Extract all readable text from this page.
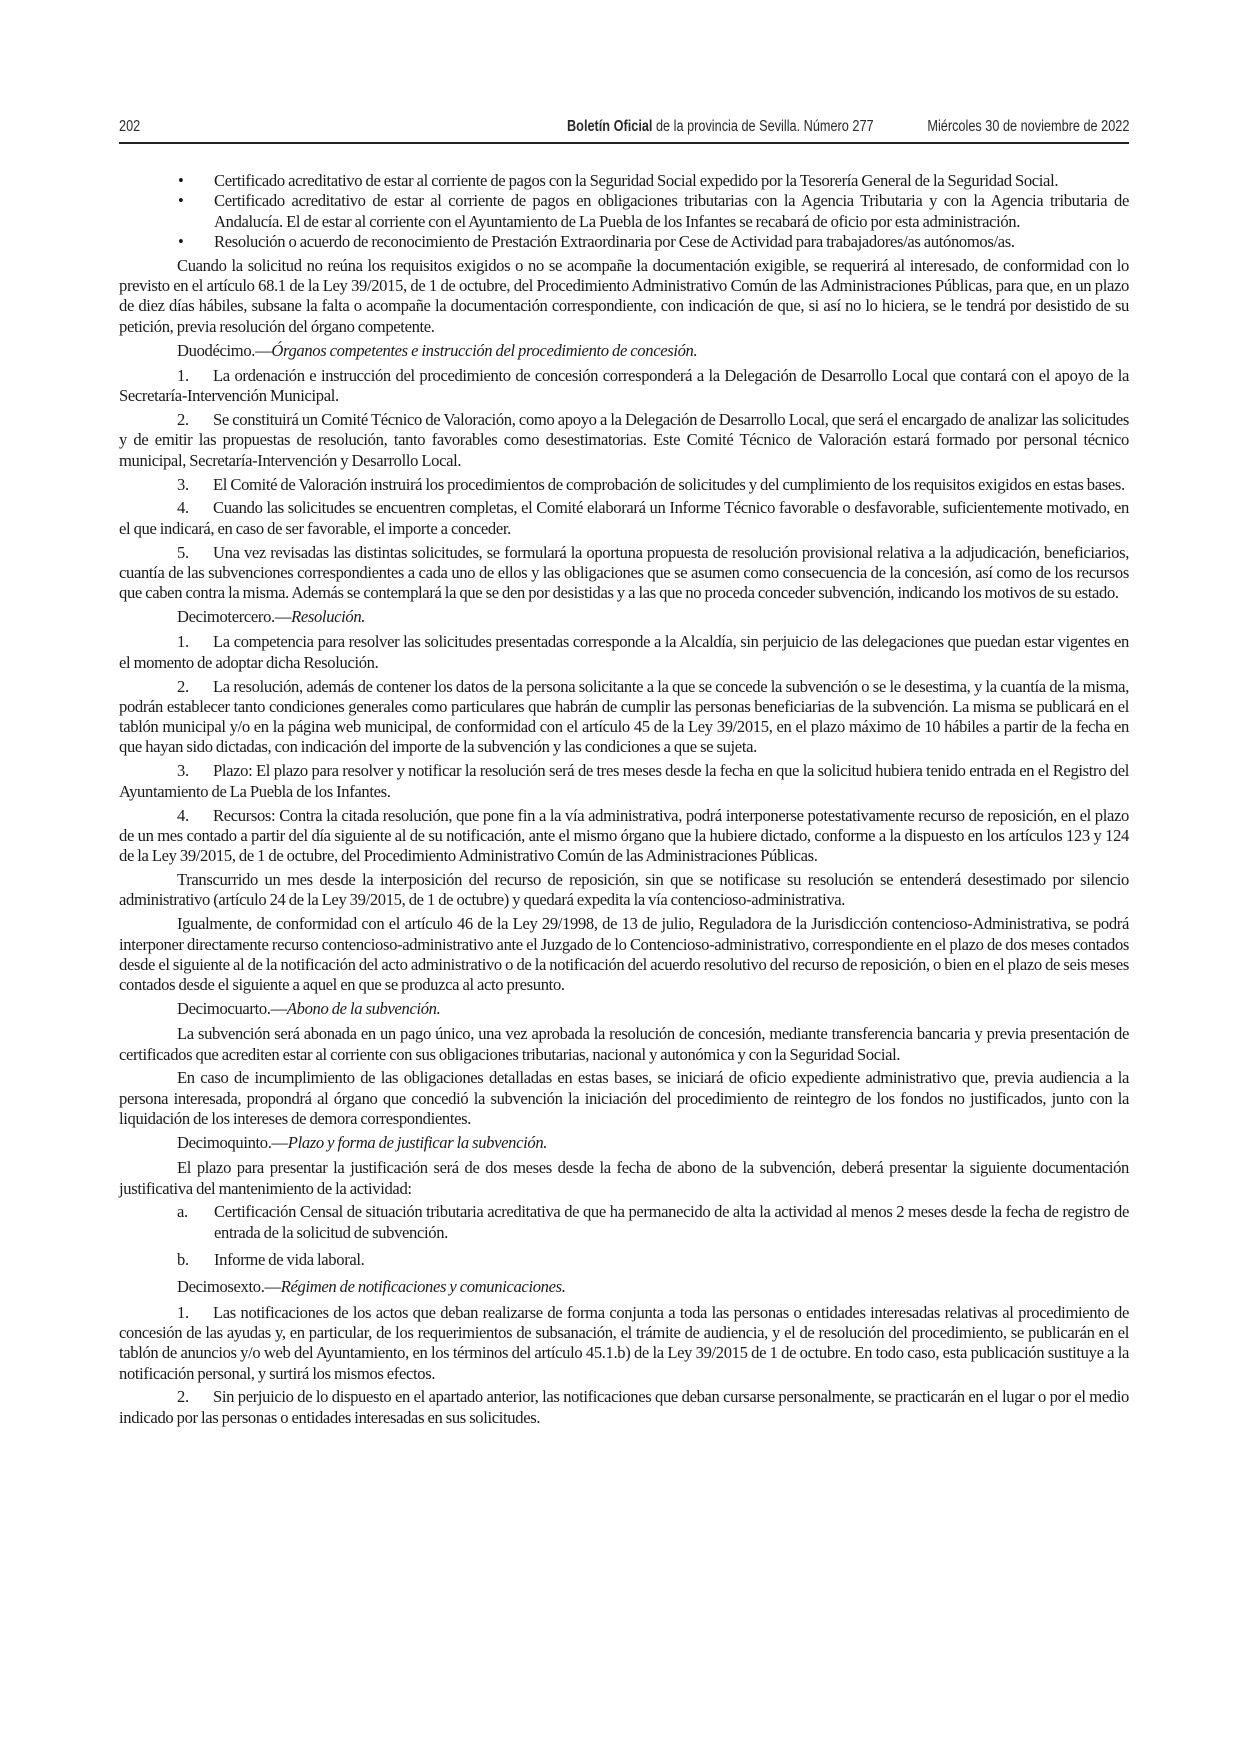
202	Boletín Oficial de la provincia de Sevilla. Número 277	Miércoles 30 de noviembre de 2022
• Certificado acreditativo de estar al corriente de pagos con la Seguridad Social expedido por la Tesorería General de la Seguridad Social.
• Certificado acreditativo de estar al corriente de pagos en obligaciones tributarias con la Agencia Tributaria y con la Agencia tributaria de Andalucía. El de estar al corriente con el Ayuntamiento de La Puebla de los Infantes se recabará de oficio por esta administración.
• Resolución o acuerdo de reconocimiento de Prestación Extraordinaria por Cese de Actividad para trabajadores/as autónomos/as.

Cuando la solicitud no reúna los requisitos exigidos o no se acompañe la documentación exigible, se requerirá al interesado, de conformidad con lo previsto en el artículo 68.1 de la Ley 39/2015, de 1 de octubre, del Procedimiento Administrativo Común de las Administraciones Públicas, para que, en un plazo de diez días hábiles, subsane la falta o acompañe la documentación correspondiente, con indicación de que, si así no lo hiciera, se le tendrá por desistido de su petición, previa resolución del órgano competente.

Duodécimo.—Órganos competentes e instrucción del procedimiento de concesión.

1. La ordenación e instrucción del procedimiento de concesión corresponderá a la Delegación de Desarrollo Local que contará con el apoyo de la Secretaría-Intervención Municipal.

2. Se constituirá un Comité Técnico de Valoración, como apoyo a la Delegación de Desarrollo Local, que será el encargado de analizar las solicitudes y de emitir las propuestas de resolución, tanto favorables como desestimatorias. Este Comité Técnico de Valoración estará formado por personal técnico municipal, Secretaría-Intervención y Desarrollo Local.

3. El Comité de Valoración instruirá los procedimientos de comprobación de solicitudes y del cumplimiento de los requisitos exigidos en estas bases.

4. Cuando las solicitudes se encuentren completas, el Comité elaborará un Informe Técnico favorable o desfavorable, suficientemente motivado, en el que indicará, en caso de ser favorable, el importe a conceder.

5. Una vez revisadas las distintas solicitudes, se formulará la oportuna propuesta de resolución provisional relativa a la adjudicación, beneficiarios, cuantía de las subvenciones correspondientes a cada uno de ellos y las obligaciones que se asumen como consecuencia de la concesión, así como de los recursos que caben contra la misma. Además se contemplará la que se den por desistidas y a las que no proceda conceder subvención, indicando los motivos de su estado.

Decimotercero.—Resolución.

1. La competencia para resolver las solicitudes presentadas corresponde a la Alcaldía, sin perjuicio de las delegaciones que puedan estar vigentes en el momento de adoptar dicha Resolución.

2. La resolución, además de contener los datos de la persona solicitante a la que se concede la subvención o se le desestima, y la cuantía de la misma, podrán establecer tanto condiciones generales como particulares que habrán de cumplir las personas beneficiarias de la subvención. La misma se publicará en el tablón municipal y/o en la página web municipal, de conformidad con el artículo 45 de la Ley 39/2015, en el plazo máximo de 10 hábiles a partir de la fecha en que hayan sido dictadas, con indicación del importe de la subvención y las condiciones a que se sujeta.

3. Plazo: El plazo para resolver y notificar la resolución será de tres meses desde la fecha en que la solicitud hubiera tenido entrada en el Registro del Ayuntamiento de La Puebla de los Infantes.

4. Recursos: Contra la citada resolución, que pone fin a la vía administrativa, podrá interponerse potestativamente recurso de reposición, en el plazo de un mes contado a partir del día siguiente al de su notificación, ante el mismo órgano que la hubiere dictado, conforme a la dispuesto en los artículos 123 y 124 de la Ley 39/2015, de 1 de octubre, del Procedimiento Administrativo Común de las Administraciones Públicas.

Transcurrido un mes desde la interposición del recurso de reposición, sin que se notificase su resolución se entenderá desestimado por silencio administrativo (artículo 24 de la Ley 39/2015, de 1 de octubre) y quedará expedita la vía contencioso-administrativa.

Igualmente, de conformidad con el artículo 46 de la Ley 29/1998, de 13 de julio, Reguladora de la Jurisdicción contencioso-Administrativa, se podrá interponer directamente recurso contencioso-administrativo ante el Juzgado de lo Contencioso-administrativo, correspondiente en el plazo de dos meses contados desde el siguiente al de la notificación del acto administrativo o de la notificación del acuerdo resolutivo del recurso de reposición, o bien en el plazo de seis meses contados desde el siguiente a aquel en que se produzca al acto presunto.

Decimocuarto.—Abono de la subvención.

La subvención será abonada en un pago único, una vez aprobada la resolución de concesión, mediante transferencia bancaria y previa presentación de certificados que acrediten estar al corriente con sus obligaciones tributarias, nacional y autonómica y con la Seguridad Social.

En caso de incumplimiento de las obligaciones detalladas en estas bases, se iniciará de oficio expediente administrativo que, previa audiencia a la persona interesada, propondrá al órgano que concedió la subvención la iniciación del procedimiento de reintegro de los fondos no justificados, junto con la liquidación de los intereses de demora correspondientes.

Decimoquinto.—Plazo y forma de justificar la subvención.

El plazo para presentar la justificación será de dos meses desde la fecha de abono de la subvención, deberá presentar la siguiente documentación justificativa del mantenimiento de la actividad:

a. Certificación Censal de situación tributaria acreditativa de que ha permanecido de alta la actividad al menos 2 meses desde la fecha de registro de entrada de la solicitud de subvención.
b. Informe de vida laboral.

Decimosexto.—Régimen de notificaciones y comunicaciones.

1. Las notificaciones de los actos que deban realizarse de forma conjunta a toda las personas o entidades interesadas relativas al procedimiento de concesión de las ayudas y, en particular, de los requerimientos de subsanación, el trámite de audiencia, y el de resolución del procedimiento, se publicarán en el tablón de anuncios y/o web del Ayuntamiento, en los términos del artículo 45.1.b) de la Ley 39/2015 de 1 de octubre. En todo caso, esta publicación sustituye a la notificación personal, y surtirá los mismos efectos.

2. Sin perjuicio de lo dispuesto en el apartado anterior, las notificaciones que deban cursarse personalmente, se practicarán en el lugar o por el medio indicado por las personas o entidades interesadas en sus solicitudes.
